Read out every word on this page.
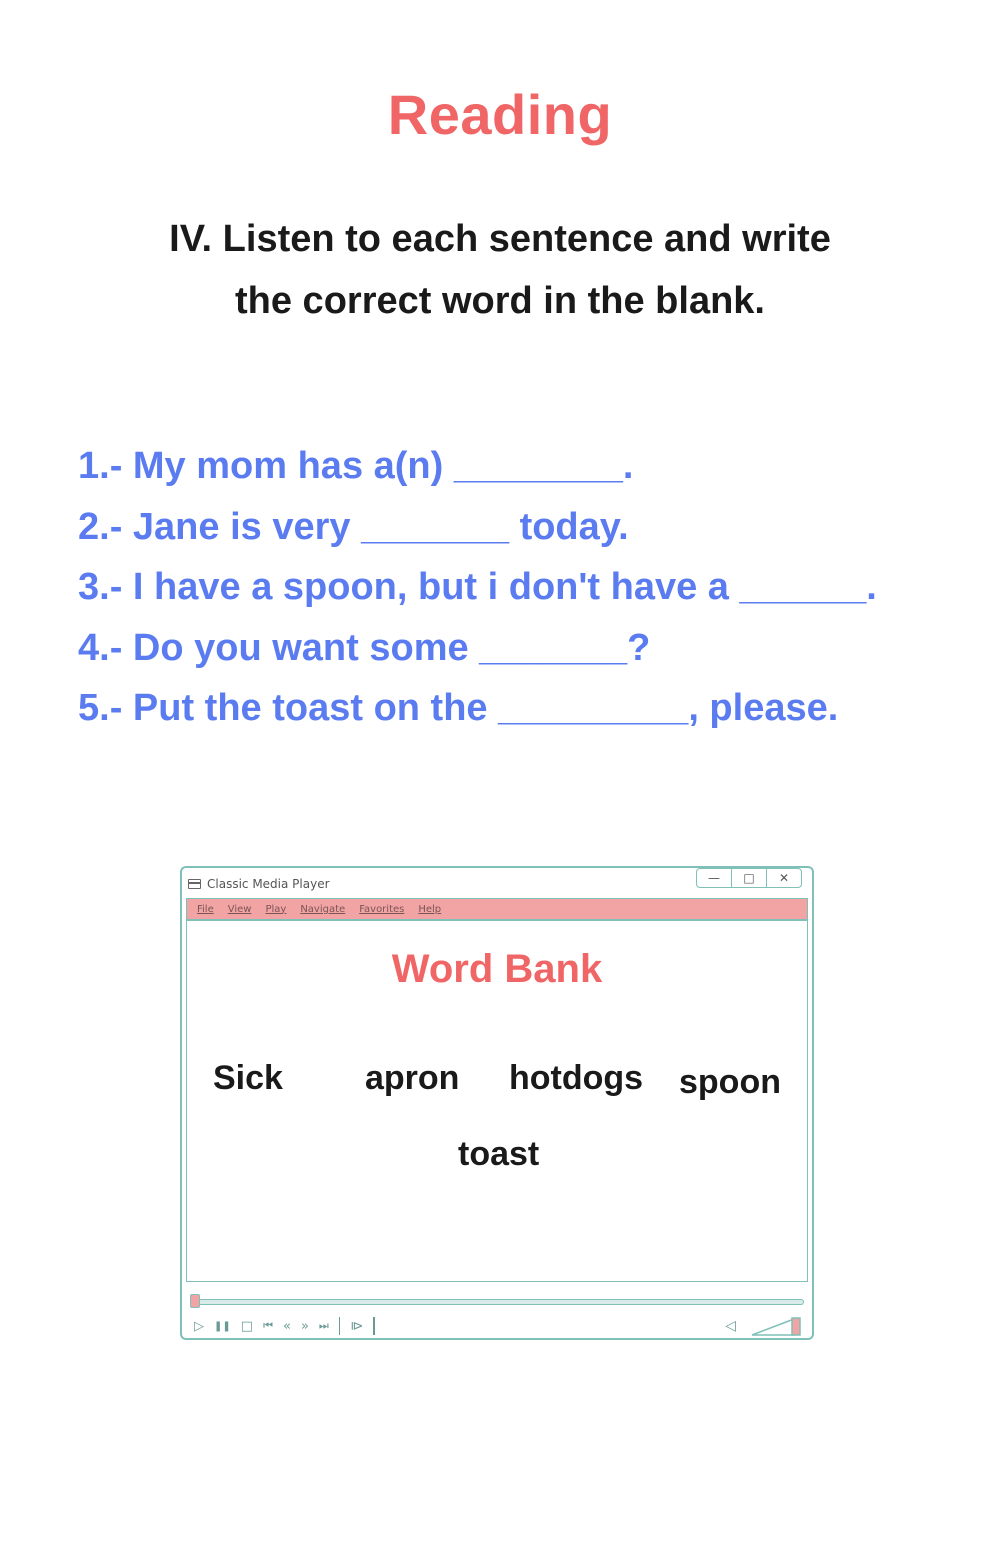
Reading
IV. Listen to each sentence and write
the correct word in the blank.
1.- My mom has a(n) ________.
2.- Jane is very _______ today.
3.- I have a spoon, but i don't have a ______.
4.- Do you want some _______?
5.- Put the toast on the _________, please.
Classic Media Player	—	□	✕
File View Play Navigate Favorites Help
Word Bank
Sick apron hotdogs spoon
toast
▷ ❚❚ □ ⏮ « » ⏭ ⧐	◁
